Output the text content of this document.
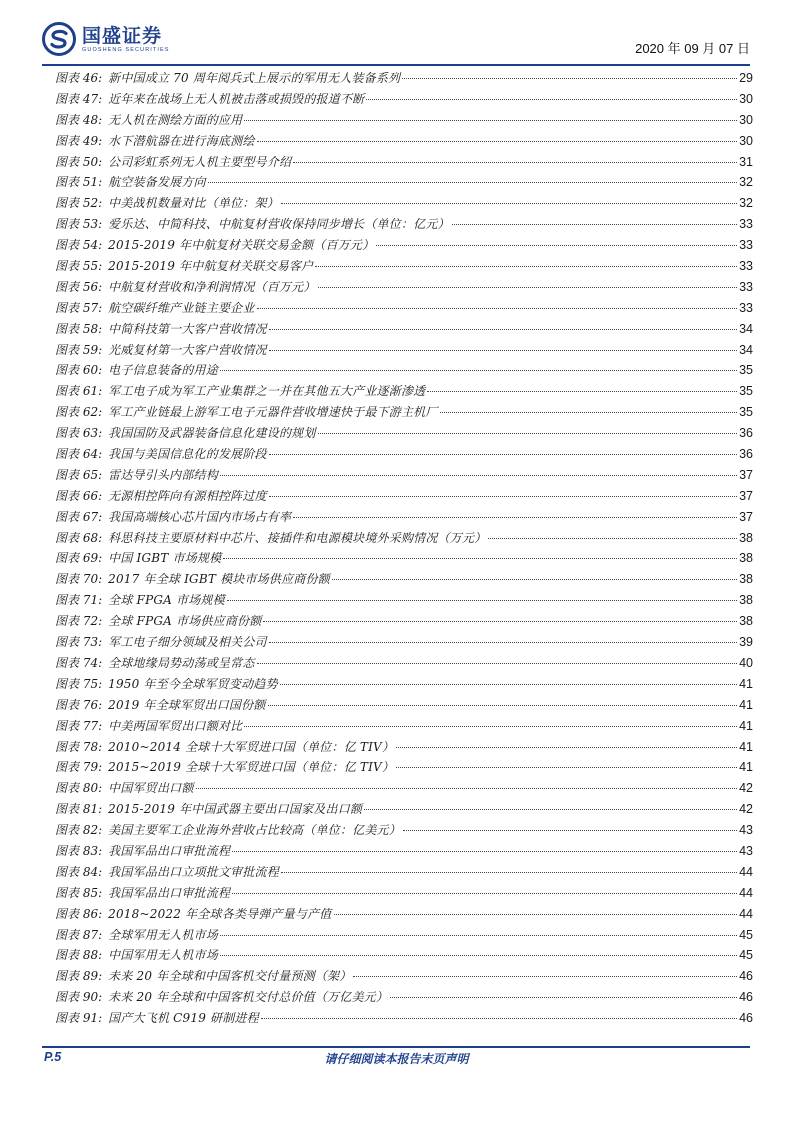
国盛证券
GUOSHENG SECURITIES	2020 年 09 月 07 日
图表 46: 新中国成立 70 周年阅兵式上展示的军用无人装备系列	29
图表 47: 近年来在战场上无人机被击落或损毁的报道不断	30
图表 48: 无人机在测绘方面的应用	30
图表 49: 水下潜航器在进行海底测绘	30
图表 50: 公司彩虹系列无人机主要型号介绍	31
图表 51: 航空装备发展方向	32
图表 52: 中美战机数量对比（单位：架）	32
图表 53: 爱乐达、中简科技、中航复材营收保持同步增长（单位：亿元）	33
图表 54: 2015-2019 年中航复材关联交易金额（百万元）	33
图表 55: 2015-2019 年中航复材关联交易客户	33
图表 56: 中航复材营收和净利润情况（百万元）	33
图表 57: 航空碳纤维产业链主要企业	33
图表 58: 中简科技第一大客户营收情况	34
图表 59: 光威复材第一大客户营收情况	34
图表 60: 电子信息装备的用途	35
图表 61: 军工电子成为军工产业集群之一并在其他五大产业逐渐渗透	35
图表 62: 军工产业链最上游军工电子元器件营收增速快于最下游主机厂	35
图表 63: 我国国防及武器装备信息化建设的规划	36
图表 64: 我国与美国信息化的发展阶段	36
图表 65: 雷达导引头内部结构	37
图表 66: 无源相控阵向有源相控阵过度	37
图表 67: 我国高端核心芯片国内市场占有率	37
图表 68: 科思科技主要原材料中芯片、接插件和电源模块境外采购情况（万元）	38
图表 69: 中国 IGBT 市场规模	38
图表 70: 2017 年全球 IGBT 模块市场供应商份额	38
图表 71: 全球 FPGA 市场规模	38
图表 72: 全球 FPGA 市场供应商份额	38
图表 73: 军工电子细分领域及相关公司	39
图表 74: 全球地缘局势动荡或呈常态	40
图表 75: 1950 年至今全球军贸变动趋势	41
图表 76: 2019 年全球军贸出口国份额	41
图表 77: 中美两国军贸出口额对比	41
图表 78: 2010~2014 全球十大军贸进口国（单位：亿 TIV）	41
图表 79: 2015~2019 全球十大军贸进口国（单位：亿 TIV）	41
图表 80: 中国军贸出口额	42
图表 81: 2015-2019 年中国武器主要出口国家及出口额	42
图表 82: 美国主要军工企业海外营收占比较高（单位：亿美元）	43
图表 83: 我国军品出口审批流程	43
图表 84: 我国军品出口立项批文审批流程	44
图表 85: 我国军品出口审批流程	44
图表 86: 2018~2022 年全球各类导弹产量与产值	44
图表 87: 全球军用无人机市场	45
图表 88: 中国军用无人机市场	45
图表 89: 未来 20 年全球和中国客机交付量预测（架）	46
图表 90: 未来 20 年全球和中国客机交付总价值（万亿美元）	46
图表 91: 国产大飞机 C919 研制进程	46
P.5	请仔细阅读本报告末页声明
